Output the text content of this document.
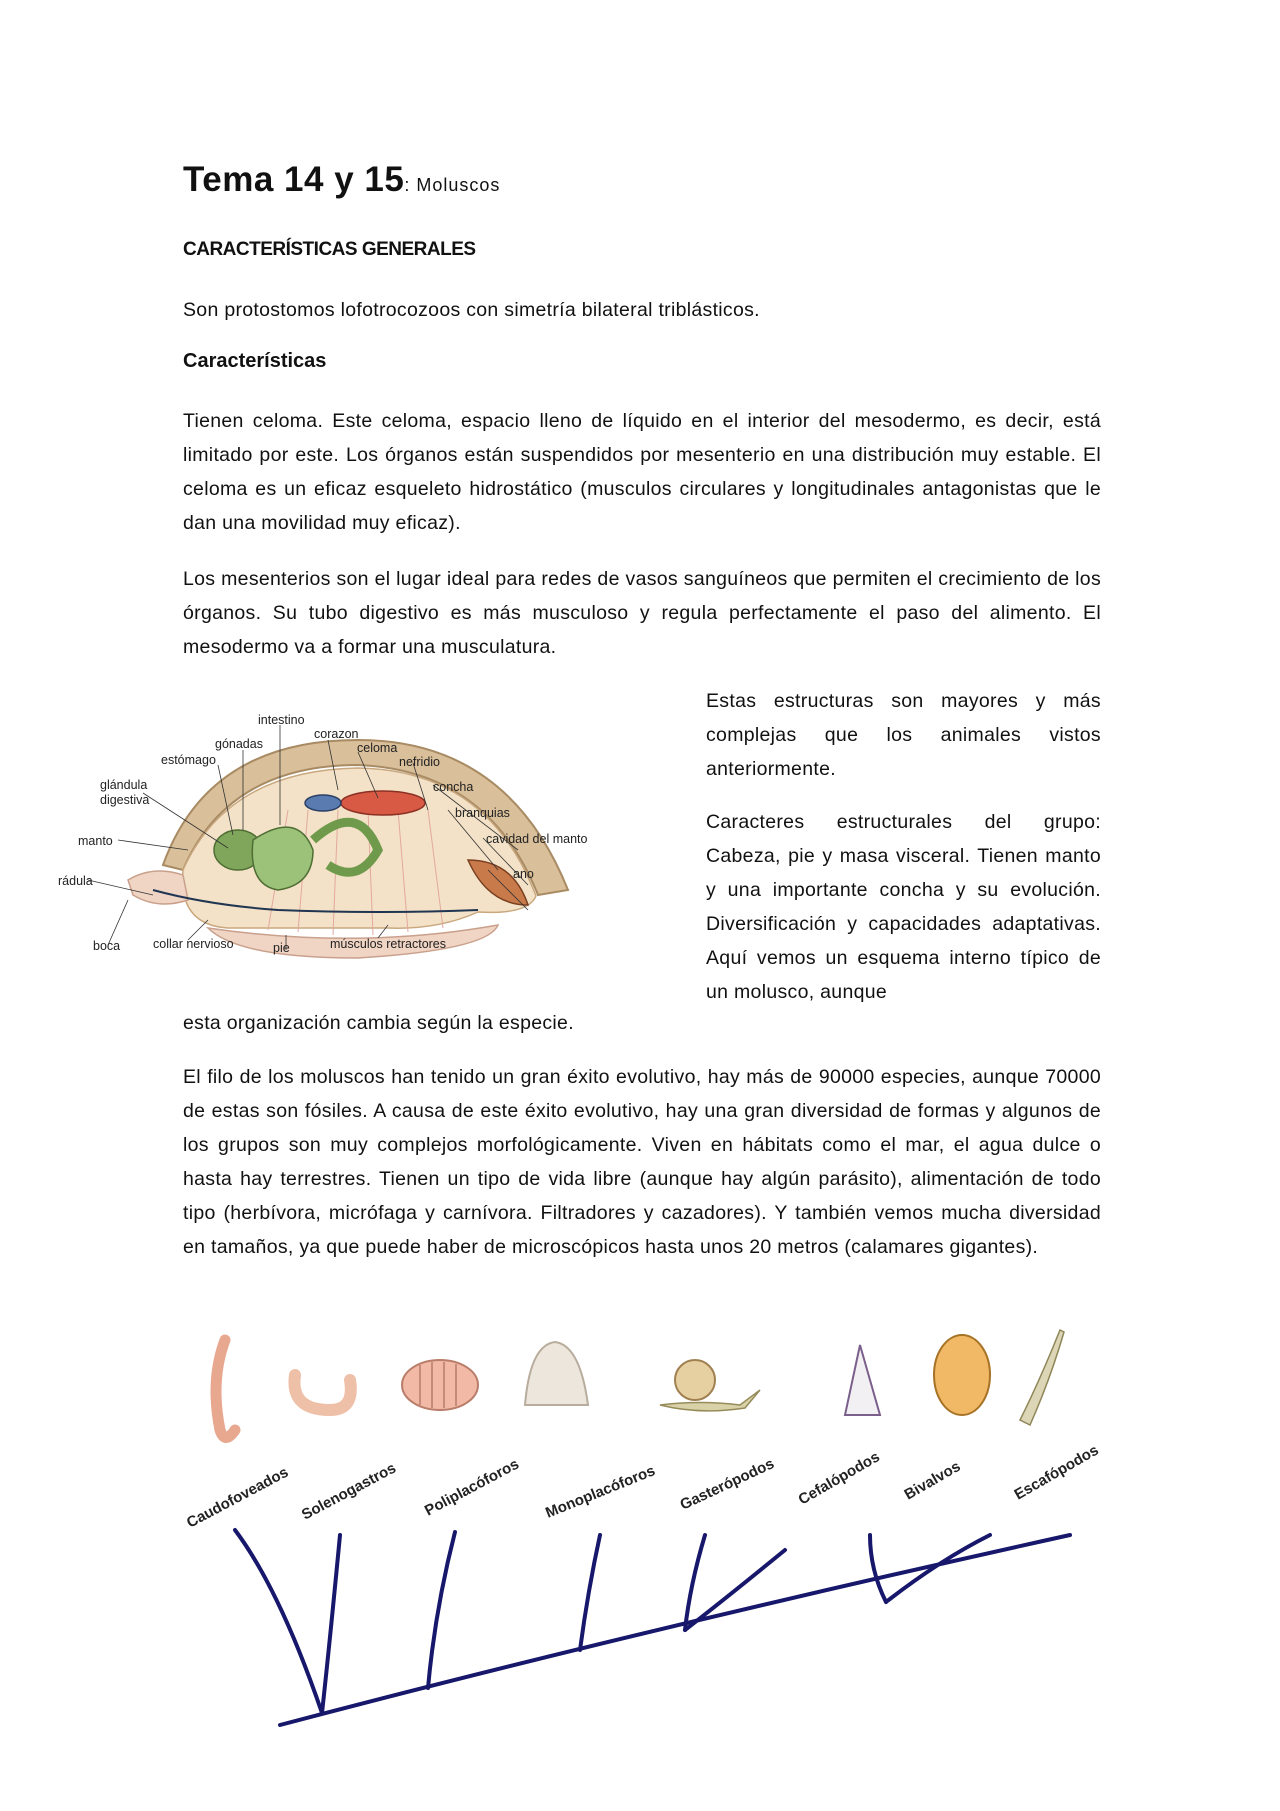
Tema 14 y 15: Moluscos
CARACTERÍSTICAS GENERALES
Son protostomos lofotrocozoos con simetría bilateral triblásticos.
Características
Tienen celoma. Este celoma, espacio lleno de líquido en el interior del mesodermo, es decir, está limitado por este. Los órganos están suspendidos por mesenterio en una distribución muy estable. El celoma es un eficaz esqueleto hidrostático (musculos circulares y longitudinales antagonistas que le dan una movilidad muy eficaz).
Los mesenterios son el lugar ideal para redes de vasos sanguíneos que permiten el crecimiento de los órganos. Su tubo digestivo es más musculoso y regula perfectamente el paso del alimento. El mesodermo va a formar una musculatura.
intestino
gónadas
corazon
celoma
estómago	nefridio
glándula
digestiva
concha
branquias
manto	cavidad del manto
rádula	ano
boca	collar nervioso	pie	músculos retractores
Estas estructuras son mayores y más complejas que los animales vistos anteriormente.
Caracteres estructurales del grupo: Cabeza, pie y masa visceral. Tienen manto y una importante concha y su evolución. Diversificación y capacidades adaptativas. Aquí vemos un esquema interno típico de un molusco, aunque
esta organización cambia según la especie.
El filo de los moluscos han tenido un gran éxito evolutivo, hay más de 90000 especies, aunque 70000 de estas son fósiles. A causa de este éxito evolutivo, hay una gran diversidad de formas y algunos de los grupos son muy complejos morfológicamente. Viven en hábitats como el mar, el agua dulce o hasta hay terrestres. Tienen un tipo de vida libre (aunque hay algún parásito), alimentación de todo tipo (herbívora, micrófaga y carnívora. Filtradores y cazadores). Y también vemos mucha diversidad en tamaños, ya que puede haber de microscópicos hasta unos 20 metros (calamares gigantes).
Caudofoveados Solenogastros Poliplacóforos Monoplacóforos Gasterópodos Cefalópodos Bivalvos	Escafópodos
